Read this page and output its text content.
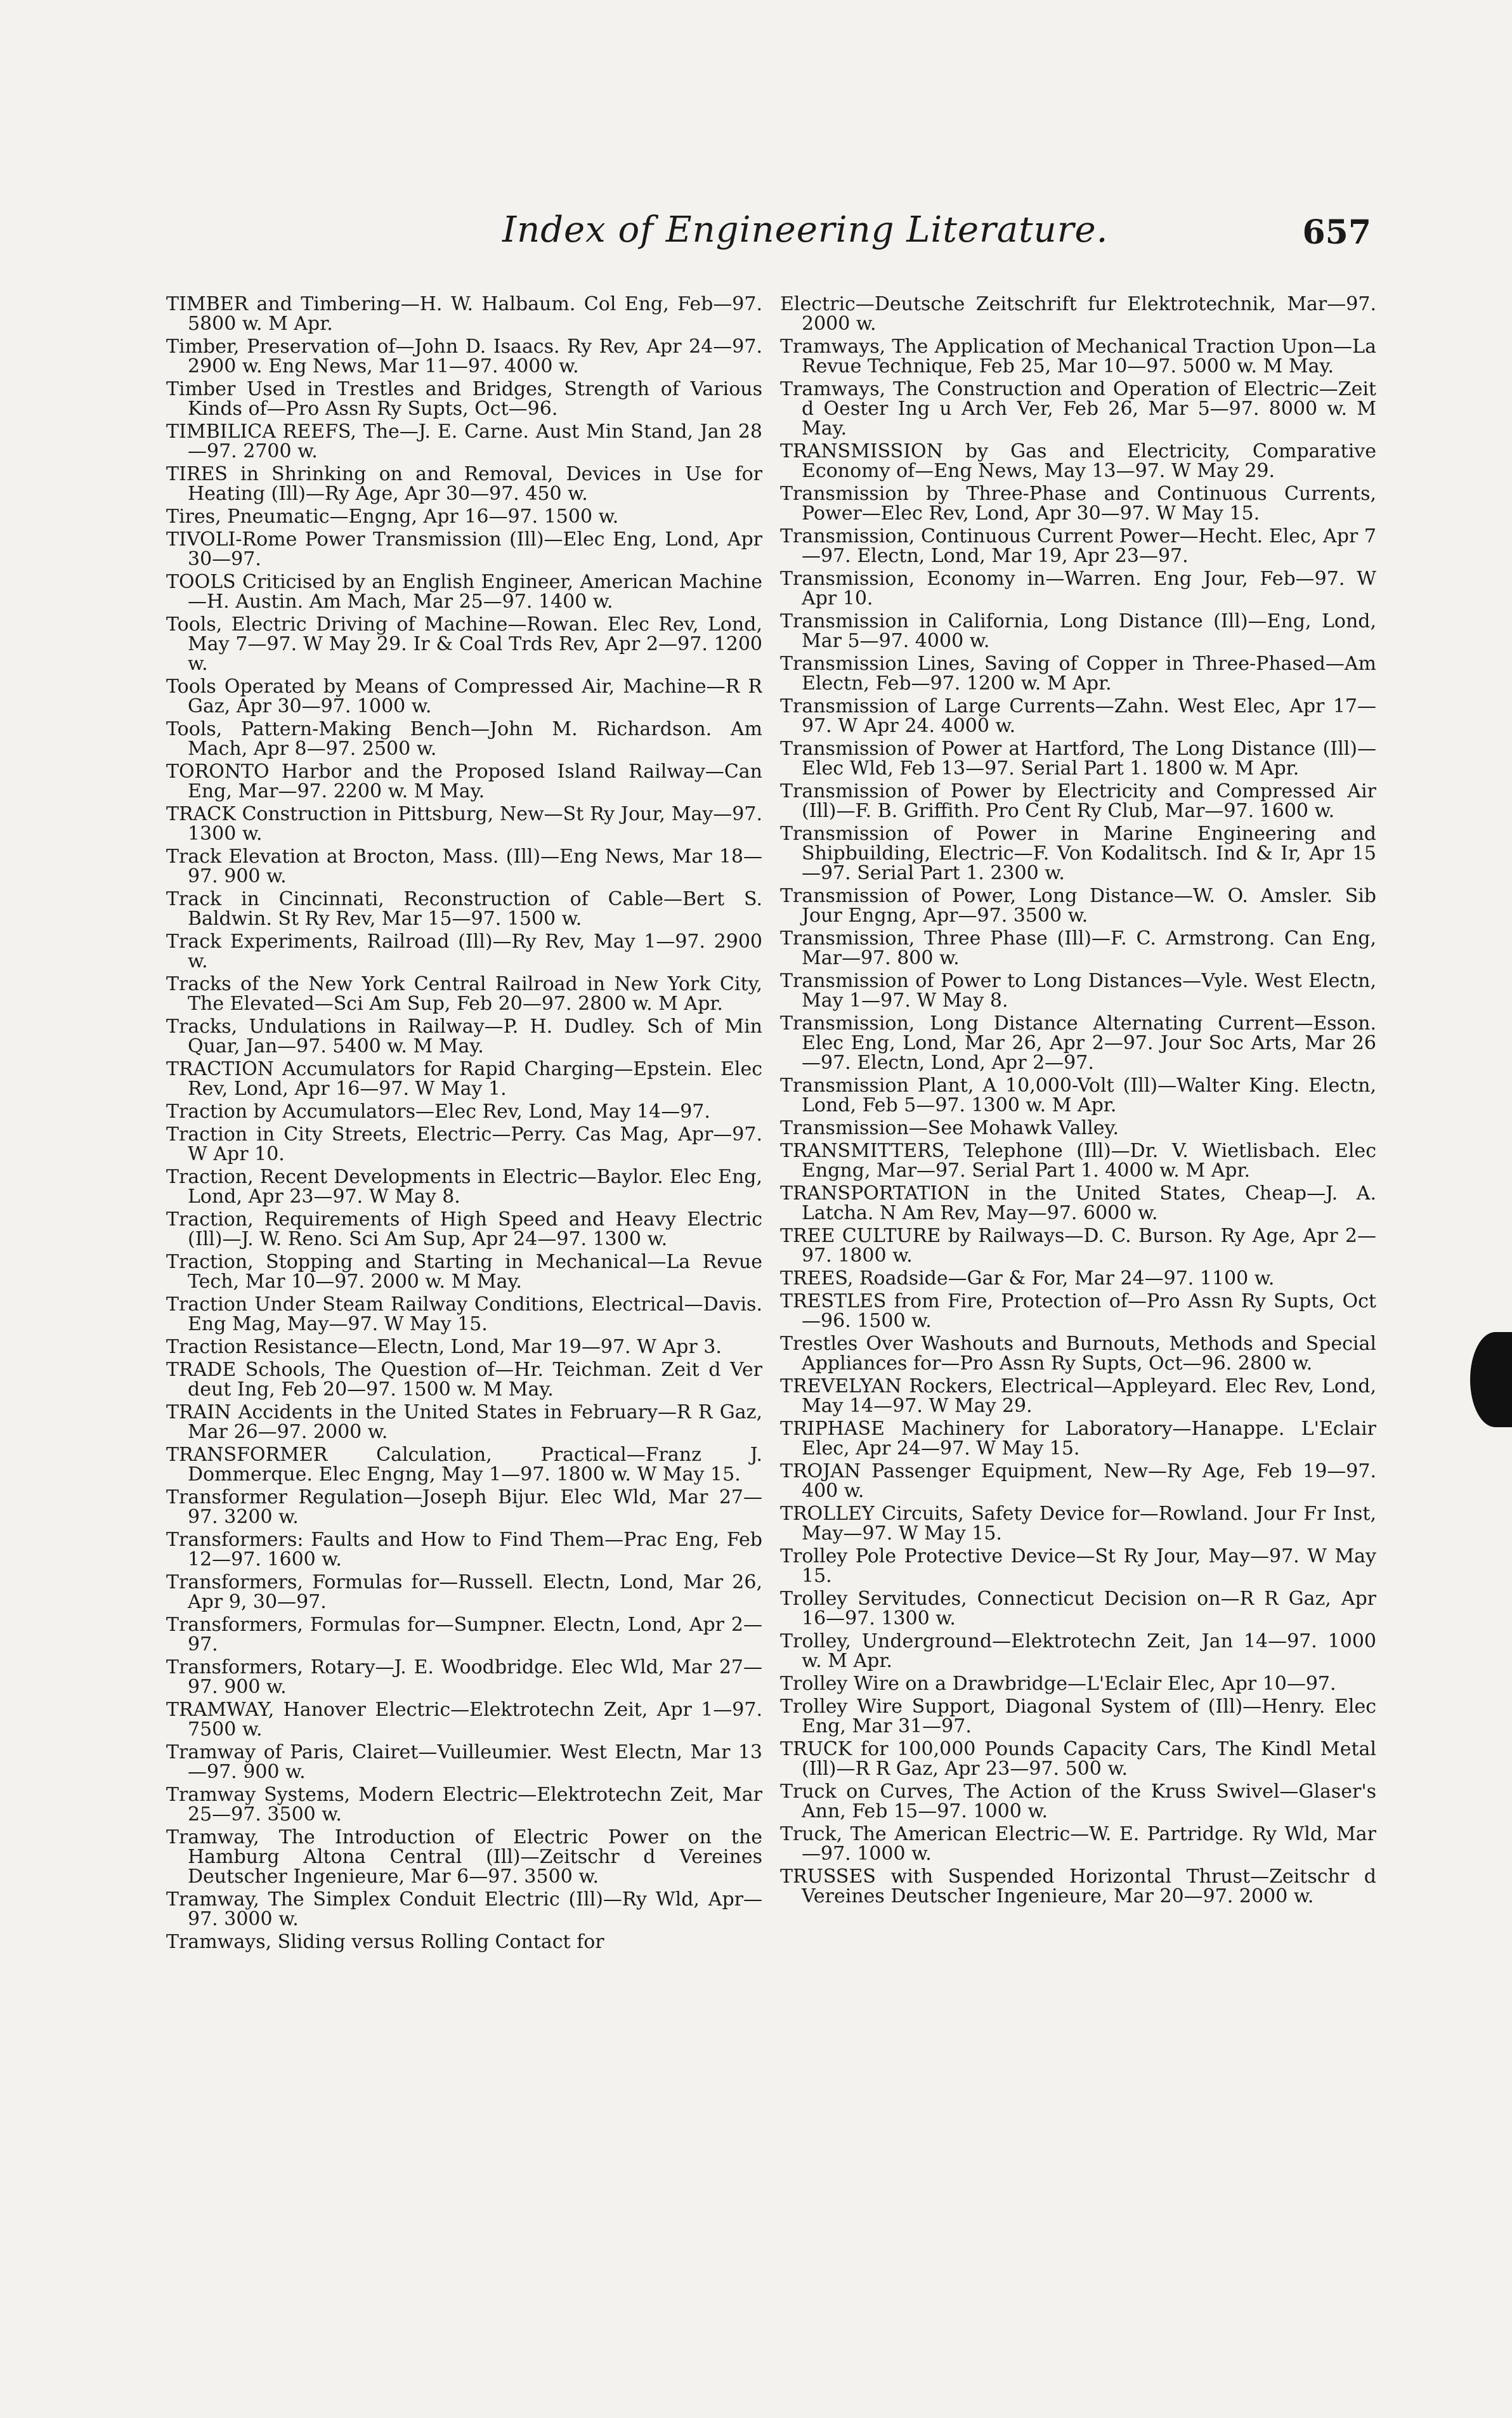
Index of Engineering Literature.	657

TIMBER and Timbering—H. W. Halbaum. Col Eng, Feb—97. 5800 w. M Apr.

Timber, Preservation of—John D. Isaacs. Ry Rev, Apr 24—97. 2900 w. Eng News, Mar 11—97. 4000 w.

Timber Used in Trestles and Bridges, Strength of Various Kinds of—Pro Assn Ry Supts, Oct—96.

TIMBILICA REEFS, The—J. E. Carne. Aust Min Stand, Jan 28—97. 2700 w.

TIRES in Shrinking on and Removal, Devices in Use for Heating (Ill)—Ry Age, Apr 30—97. 450 w.

Tires, Pneumatic—Engng, Apr 16—97. 1500 w.

TIVOLI-Rome Power Transmission (Ill)—Elec Eng, Lond, Apr 30—97.

TOOLS Criticised by an English Engineer, American Machine—H. Austin. Am Mach, Mar 25—97. 1400 w.

Tools, Electric Driving of Machine—Rowan. Elec Rev, Lond, May 7—97. W May 29. Ir & Coal Trds Rev, Apr 2—97. 1200 w.

Tools Operated by Means of Compressed Air, Machine—R R Gaz, Apr 30—97. 1000 w.

Tools, Pattern-Making Bench—John M. Richardson. Am Mach, Apr 8—97. 2500 w.

TORONTO Harbor and the Proposed Island Railway—Can Eng, Mar—97. 2200 w. M May.

TRACK Construction in Pittsburg, New—St Ry Jour, May—97. 1300 w.

Track Elevation at Brocton, Mass. (Ill)—Eng News, Mar 18—97. 900 w.

Track in Cincinnati, Reconstruction of Cable—Bert S. Baldwin. St Ry Rev, Mar 15—97. 1500 w.

Track Experiments, Railroad (Ill)—Ry Rev, May 1—97. 2900 w.

Tracks of the New York Central Railroad in New York City, The Elevated—Sci Am Sup, Feb 20—97. 2800 w. M Apr.

Tracks, Undulations in Railway—P. H. Dudley. Sch of Min Quar, Jan—97. 5400 w. M May.

TRACTION Accumulators for Rapid Charging—Epstein. Elec Rev, Lond, Apr 16—97. W May 1.

Traction by Accumulators—Elec Rev, Lond, May 14—97.

Traction in City Streets, Electric—Perry. Cas Mag, Apr—97. W Apr 10.

Traction, Recent Developments in Electric—Baylor. Elec Eng, Lond, Apr 23—97. W May 8.

Traction, Requirements of High Speed and Heavy Electric (Ill)—J. W. Reno. Sci Am Sup, Apr 24—97. 1300 w.

Traction, Stopping and Starting in Mechanical—La Revue Tech, Mar 10—97. 2000 w. M May.

Traction Under Steam Railway Conditions, Electrical—Davis. Eng Mag, May—97. W May 15.

Traction Resistance—Electn, Lond, Mar 19—97. W Apr 3.

TRADE Schools, The Question of—Hr. Teichman. Zeit d Ver deut Ing, Feb 20—97. 1500 w. M May.

TRAIN Accidents in the United States in February—R R Gaz, Mar 26—97. 2000 w.

TRANSFORMER Calculation, Practical—Franz J. Dommerque. Elec Engng, May 1—97. 1800 w. W May 15.

Transformer Regulation—Joseph Bijur. Elec Wld, Mar 27—97. 3200 w.

Transformers: Faults and How to Find Them—Prac Eng, Feb 12—97. 1600 w.

Transformers, Formulas for—Russell. Electn, Lond, Mar 26, Apr 9, 30—97.

Transformers, Formulas for—Sumpner. Electn, Lond, Apr 2—97.

Transformers, Rotary—J. E. Woodbridge. Elec Wld, Mar 27—97. 900 w.

TRAMWAY, Hanover Electric—Elektrotechn Zeit, Apr 1—97. 7500 w.

Tramway of Paris, Clairet—Vuilleumier. West Electn, Mar 13—97. 900 w.

Tramway Systems, Modern Electric—Elektrotechn Zeit, Mar 25—97. 3500 w.

Tramway, The Introduction of Electric Power on the Hamburg Altona Central (Ill)—Zeitschr d Vereines Deutscher Ingenieure, Mar 6—97. 3500 w.

Tramway, The Simplex Conduit Electric (Ill)—Ry Wld, Apr—97. 3000 w.

Tramways, Sliding versus Rolling Contact for

Electric—Deutsche Zeitschrift fur Elektrotechnik, Mar—97. 2000 w.

Tramways, The Application of Mechanical Traction Upon—La Revue Technique, Feb 25, Mar 10—97. 5000 w. M May.

Tramways, The Construction and Operation of Electric—Zeit d Oester Ing u Arch Ver, Feb 26, Mar 5—97. 8000 w. M May.

TRANSMISSION by Gas and Electricity, Comparative Economy of—Eng News, May 13—97. W May 29.

Transmission by Three-Phase and Continuous Currents, Power—Elec Rev, Lond, Apr 30—97. W May 15.

Transmission, Continuous Current Power—Hecht. Elec, Apr 7—97. Electn, Lond, Mar 19, Apr 23—97.

Transmission, Economy in—Warren. Eng Jour, Feb—97. W Apr 10.

Transmission in California, Long Distance (Ill)—Eng, Lond, Mar 5—97. 4000 w.

Transmission Lines, Saving of Copper in Three-Phased—Am Electn, Feb—97. 1200 w. M Apr.

Transmission of Large Currents—Zahn. West Elec, Apr 17—97. W Apr 24. 4000 w.

Transmission of Power at Hartford, The Long Distance (Ill)—Elec Wld, Feb 13—97. Serial Part 1. 1800 w. M Apr.

Transmission of Power by Electricity and Compressed Air (Ill)—F. B. Griffith. Pro Cent Ry Club, Mar—97. 1600 w.

Transmission of Power in Marine Engineering and Shipbuilding, Electric—F. Von Kodalitsch. Ind & Ir, Apr 15—97. Serial Part 1. 2300 w.

Transmission of Power, Long Distance—W. O. Amsler. Sib Jour Engng, Apr—97. 3500 w.

Transmission, Three Phase (Ill)—F. C. Armstrong. Can Eng, Mar—97. 800 w.

Transmission of Power to Long Distances—Vyle. West Electn, May 1—97. W May 8.

Transmission, Long Distance Alternating Current—Esson. Elec Eng, Lond, Mar 26, Apr 2—97. Jour Soc Arts, Mar 26—97. Electn, Lond, Apr 2—97.

Transmission Plant, A 10,000-Volt (Ill)—Walter King. Electn, Lond, Feb 5—97. 1300 w. M Apr.

Transmission—See Mohawk Valley.

TRANSMITTERS, Telephone (Ill)—Dr. V. Wietlisbach. Elec Engng, Mar—97. Serial Part 1. 4000 w. M Apr.

TRANSPORTATION in the United States, Cheap—J. A. Latcha. N Am Rev, May—97. 6000 w.

TREE CULTURE by Railways—D. C. Burson. Ry Age, Apr 2—97. 1800 w.

TREES, Roadside—Gar & For, Mar 24—97. 1100 w.

TRESTLES from Fire, Protection of—Pro Assn Ry Supts, Oct—96. 1500 w.

Trestles Over Washouts and Burnouts, Methods and Special Appliances for—Pro Assn Ry Supts, Oct—96. 2800 w.

TREVELYAN Rockers, Electrical—Appleyard. Elec Rev, Lond, May 14—97. W May 29.

TRIPHASE Machinery for Laboratory—Hanappe. L'Eclair Elec, Apr 24—97. W May 15.

TROJAN Passenger Equipment, New—Ry Age, Feb 19—97. 400 w.

TROLLEY Circuits, Safety Device for—Rowland. Jour Fr Inst, May—97. W May 15.

Trolley Pole Protective Device—St Ry Jour, May—97. W May 15.

Trolley Servitudes, Connecticut Decision on—R R Gaz, Apr 16—97. 1300 w.

Trolley, Underground—Elektrotechn Zeit, Jan 14—97. 1000 w. M Apr.

Trolley Wire on a Drawbridge—L'Eclair Elec, Apr 10—97.

Trolley Wire Support, Diagonal System of (Ill)—Henry. Elec Eng, Mar 31—97.

TRUCK for 100,000 Pounds Capacity Cars, The Kindl Metal (Ill)—R R Gaz, Apr 23—97. 500 w.

Truck on Curves, The Action of the Kruss Swivel—Glaser's Ann, Feb 15—97. 1000 w.

Truck, The American Electric—W. E. Partridge. Ry Wld, Mar—97. 1000 w.

TRUSSES with Suspended Horizontal Thrust—Zeitschr d Vereines Deutscher Ingenieure, Mar 20—97. 2000 w.
